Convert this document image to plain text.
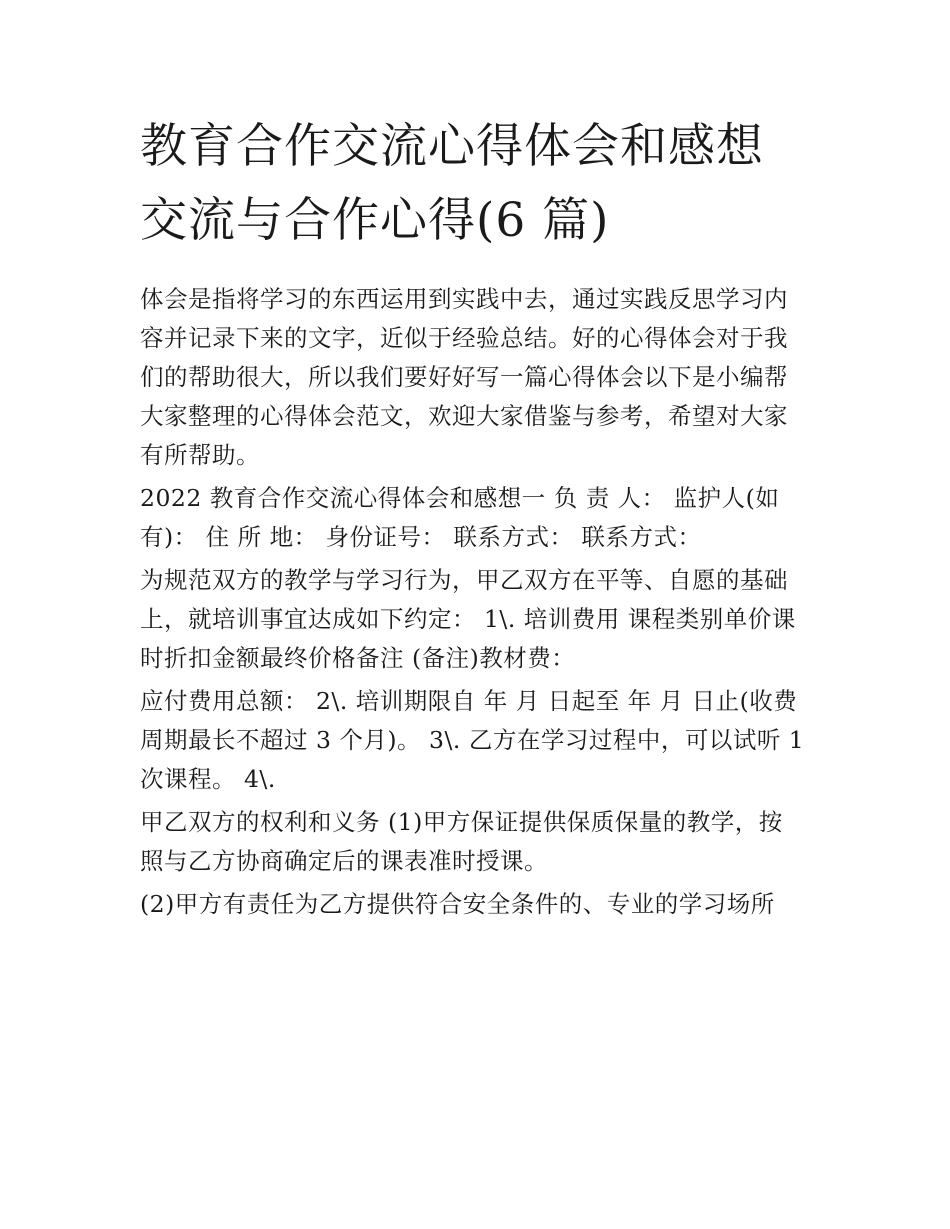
教育合作交流心得体会和感想
交流与合作心得(6 篇)

体会是指将学习的东西运用到实践中去，通过实践反思学习内
容并记录下来的文字，近似于经验总结。好的心得体会对于我
们的帮助很大，所以我们要好好写一篇心得体会以下是小编帮
大家整理的心得体会范文，欢迎大家借鉴与参考，希望对大家
有所帮助。

2022 教育合作交流心得体会和感想一 负 责 人： 监护人(如
有)： 住 所 地： 身份证号： 联系方式： 联系方式：

为规范双方的教学与学习行为，甲乙双方在平等、自愿的基础
上，就培训事宜达成如下约定： 1\. 培训费用 课程类别单价课
时折扣金额最终价格备注 (备注)教材费：

应付费用总额： 2\. 培训期限自 年 月 日起至 年 月 日止(收费
周期最长不超过 3 个月)。 3\. 乙方在学习过程中，可以试听 1
次课程。 4\.

甲乙双方的权利和义务 (1)甲方保证提供保质保量的教学，按
照与乙方协商确定后的课表准时授课。

(2)甲方有责任为乙方提供符合安全条件的、专业的学习场所
